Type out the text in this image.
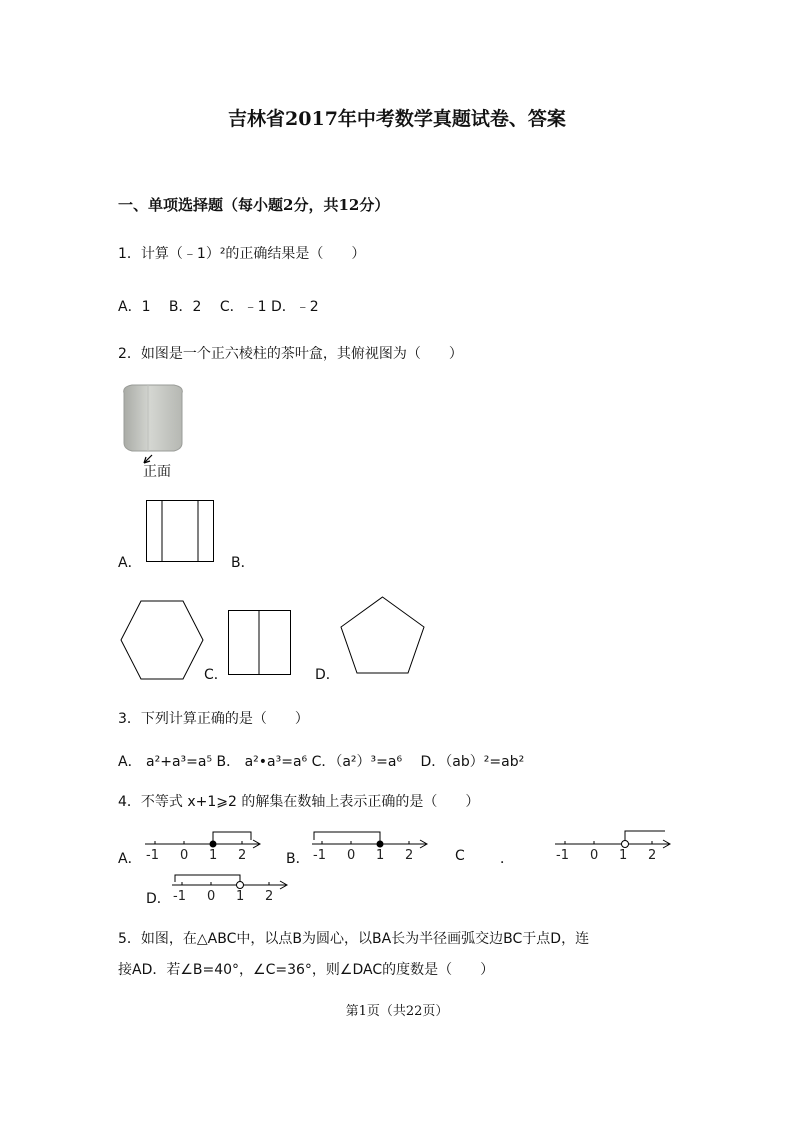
吉林省2017年中考数学真题试卷、答案
一、单项选择题（每小题2分，共12分）
1．计算（﹣1）²的正确结果是（　　）
A．1　 B．2　 C．﹣1 D．﹣2
2．如图是一个正六棱柱的茶叶盒，其俯视图为（　　）
正面
A．	B．
C．	D．
3．下列计算正确的是（　　）
A． a²+a³=a⁵ B． a²•a³=a⁶ C．（a²）³=a⁶　 D．（ab）²=ab²
4．不等式 x+1⩾2 的解集在数轴上表示正确的是（　　）
A．	B．	C	．
D．
-1 0 1 2	-1 0 1 2	-1 0 1 2
-1 0 1 2
5．如图，在△ABC中，以点B为圆心，以BA长为半径画弧交边BC于点D，连
接AD．若∠B=40°，∠C=36°，则∠DAC的度数是（　　）
第1页（共22页）
